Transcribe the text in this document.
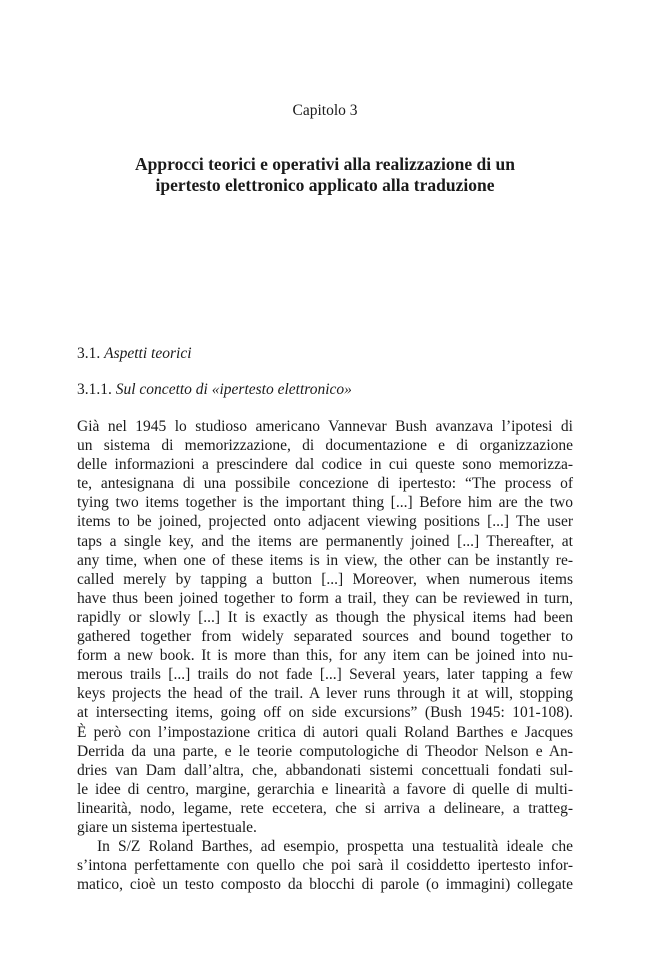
Capitolo 3
Approcci teorici e operativi alla realizzazione di un
ipertesto elettronico applicato alla traduzione
3.1. Aspetti teorici
3.1.1. Sul concetto di «ipertesto elettronico»
Già nel 1945 lo studioso americano Vannevar Bush avanzava l’ipotesi di
un sistema di memorizzazione, di documentazione e di organizzazione
delle informazioni a prescindere dal codice in cui queste sono memorizza-
te, antesignana di una possibile concezione di ipertesto: “The process of
tying two items together is the important thing [...] Before him are the two
items to be joined, projected onto adjacent viewing positions [...] The user
taps a single key, and the items are permanently joined [...] Thereafter, at
any time, when one of these items is in view, the other can be instantly re-
called merely by tapping a button [...] Moreover, when numerous items
have thus been joined together to form a trail, they can be reviewed in turn,
rapidly or slowly [...] It is exactly as though the physical items had been
gathered together from widely separated sources and bound together to
form a new book. It is more than this, for any item can be joined into nu-
merous trails [...] trails do not fade [...] Several years, later tapping a few
keys projects the head of the trail. A lever runs through it at will, stopping
at intersecting items, going off on side excursions” (Bush 1945: 101-108).
È però con l’impostazione critica di autori quali Roland Barthes e Jacques
Derrida da una parte, e le teorie computologiche di Theodor Nelson e An-
dries van Dam dall’altra, che, abbandonati sistemi concettuali fondati sul-
le idee di centro, margine, gerarchia e linearità a favore di quelle di multi-
linearità, nodo, legame, rete eccetera, che si arriva a delineare, a tratteg-
giare un sistema ipertestuale.
In S/Z Roland Barthes, ad esempio, prospetta una testualità ideale che
s’intona perfettamente con quello che poi sarà il cosiddetto ipertesto infor-
matico, cioè un testo composto da blocchi di parole (o immagini) collegate
